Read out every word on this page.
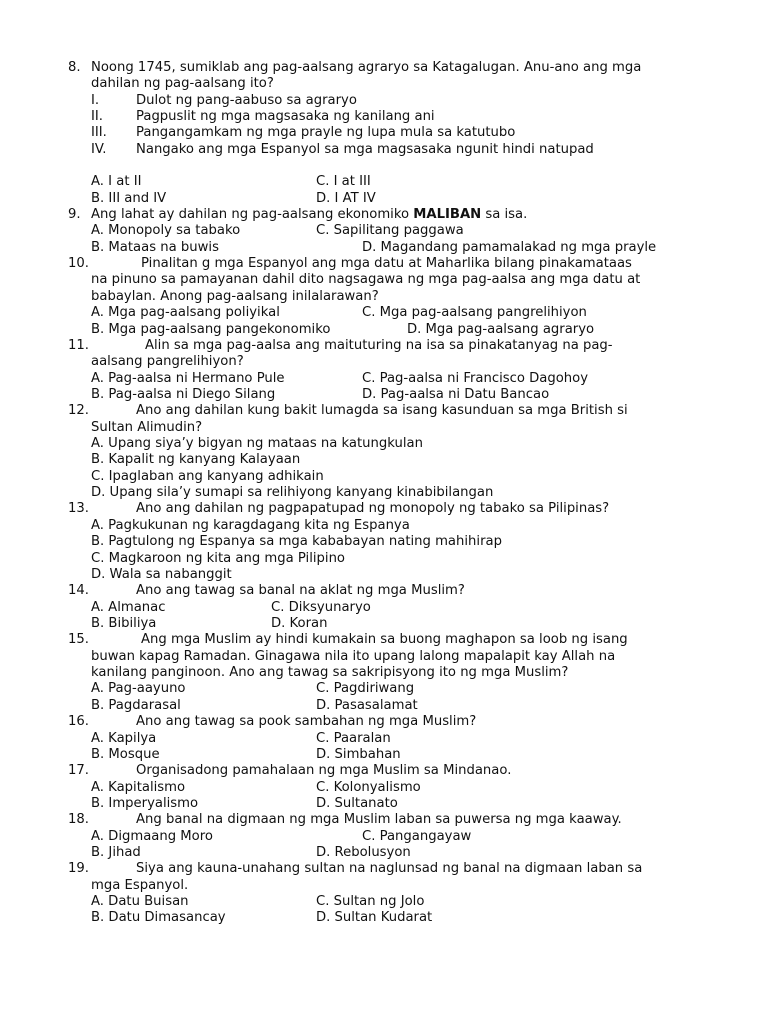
8. Noong 1745, sumiklab ang pag-aalsang agraryo sa Katagalugan. Anu-ano ang mga
dahilan ng pag-aalsang ito?
I.	Dulot ng pang-aabuso sa agraryo
II.	Pagpuslit ng mga magsasaka ng kanilang ani
III. Pangangamkam ng mga prayle ng lupa mula sa katutubo
IV. Nangako ang mga Espanyol sa mga magsasaka ngunit hindi natupad
A. I at II	C. I at III
B. III and IV	D. I AT IV
9. Ang lahat ay dahilan ng pag-aalsang ekonomiko MALIBAN sa isa.
A. Monopoly sa tabako	C. Sapilitang paggawa
B. Mataas na buwis	D. Magandang pamamalakad ng mga prayle
10.	Pinalitan g mga Espanyol ang mga datu at Maharlika bilang pinakamataas
na pinuno sa pamayanan dahil dito nagsagawa ng mga pag-aalsa ang mga datu at
babaylan. Anong pag-aalsang inilalarawan?
A. Mga pag-aalsang poliyikal	C. Mga pag-aalsang pangrelihiyon
B. Mga pag-aalsang pangekonomiko	D. Mga pag-aalsang agraryo
11.	Alin sa mga pag-aalsa ang maituturing na isa sa pinakatanyag na pag-
aalsang pangrelihiyon?
A. Pag-aalsa ni Hermano Pule	C. Pag-aalsa ni Francisco Dagohoy
B. Pag-aalsa ni Diego Silang	D. Pag-aalsa ni Datu Bancao
12.	Ano ang dahilan kung bakit lumagda sa isang kasunduan sa mga British si
Sultan Alimudin?
A. Upang siya’y bigyan ng mataas na katungkulan
B. Kapalit ng kanyang Kalayaan
C. Ipaglaban ang kanyang adhikain
D. Upang sila’y sumapi sa relihiyong kanyang kinabibilangan
13.	Ano ang dahilan ng pagpapatupad ng monopoly ng tabako sa Pilipinas?
A. Pagkukunan ng karagdagang kita ng Espanya
B. Pagtulong ng Espanya sa mga kababayan nating mahihirap
C. Magkaroon ng kita ang mga Pilipino
D. Wala sa nabanggit
14.	Ano ang tawag sa banal na aklat ng mga Muslim?
A. Almanac	C. Diksyunaryo
B. Bibiliya	D. Koran
15.	Ang mga Muslim ay hindi kumakain sa buong maghapon sa loob ng isang
buwan kapag Ramadan. Ginagawa nila ito upang lalong mapalapit kay Allah na
kanilang panginoon. Ano ang tawag sa sakripisyong ito ng mga Muslim?
A. Pag-aayuno	C. Pagdiriwang
B. Pagdarasal	D. Pasasalamat
16.	Ano ang tawag sa pook sambahan ng mga Muslim?
A. Kapilya	C. Paaralan
B. Mosque	D. Simbahan
17.	Organisadong pamahalaan ng mga Muslim sa Mindanao.
A. Kapitalismo	C. Kolonyalismo
B. Imperyalismo	D. Sultanato
18.	Ang banal na digmaan ng mga Muslim laban sa puwersa ng mga kaaway.
A. Digmaang Moro	C. Pangangayaw
B. Jihad	D. Rebolusyon
19.	Siya ang kauna-unahang sultan na naglunsad ng banal na digmaan laban sa
mga Espanyol.
A. Datu Buisan	C. Sultan ng Jolo
B. Datu Dimasancay	D. Sultan Kudarat
